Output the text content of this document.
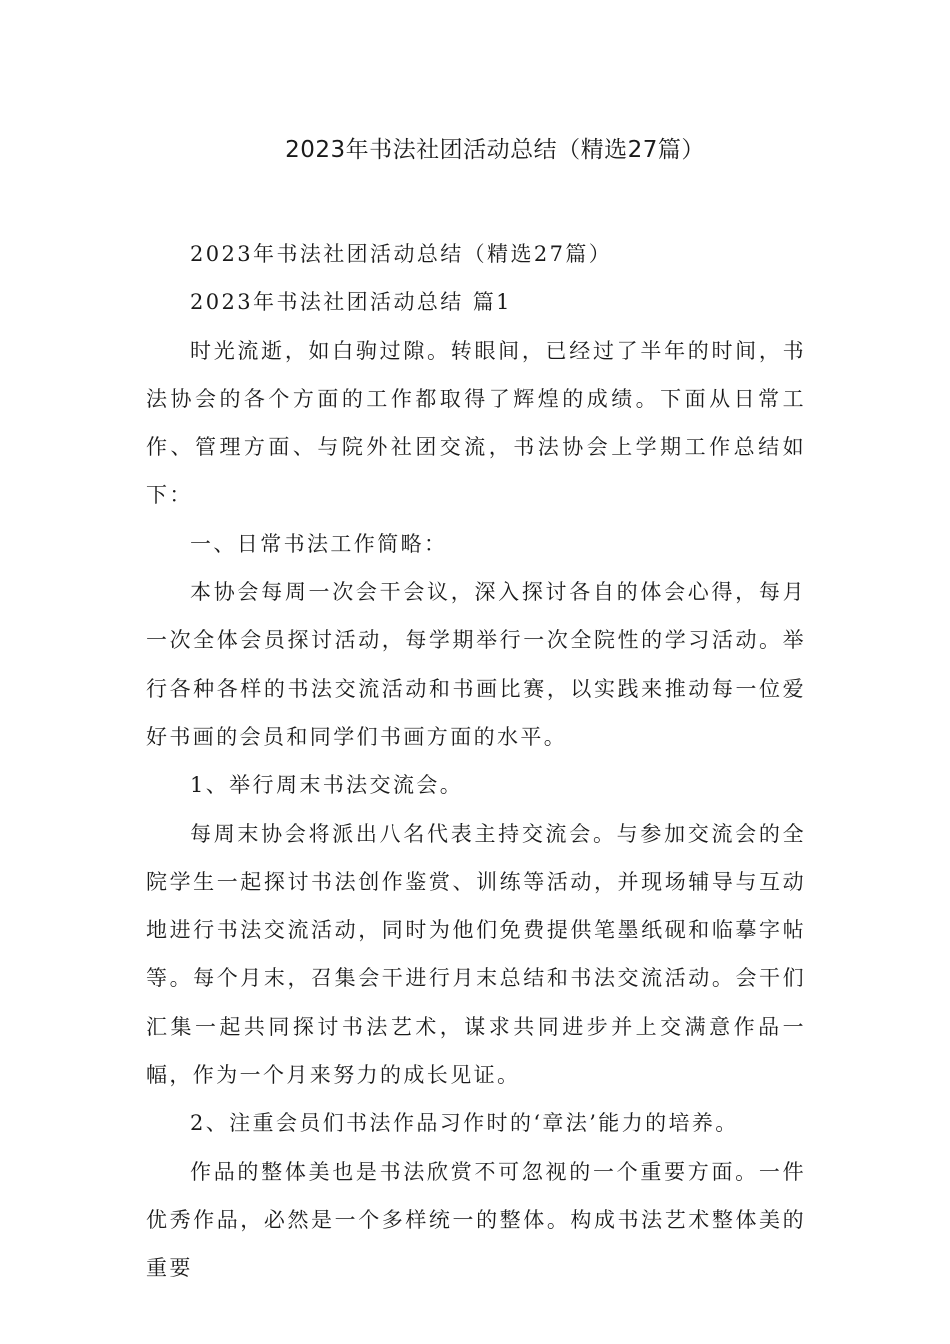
2023年书法社团活动总结（精选27篇）

2023年书法社团活动总结（精选27篇）

2023年书法社团活动总结 篇1

时光流逝，如白驹过隙。转眼间，已经过了半年的时间，书法协会的各个方面的工作都取得了辉煌的成绩。下面从日常工作、管理方面、与院外社团交流，书法协会上学期工作总结如下：

一、日常书法工作简略：

本协会每周一次会干会议，深入探讨各自的体会心得，每月一次全体会员探讨活动，每学期举行一次全院性的学习活动。举行各种各样的书法交流活动和书画比赛，以实践来推动每一位爱好书画的会员和同学们书画方面的水平。

1、举行周末书法交流会。

每周末协会将派出八名代表主持交流会。与参加交流会的全院学生一起探讨书法创作鉴赏、训练等活动，并现场辅导与互动地进行书法交流活动，同时为他们免费提供笔墨纸砚和临摹字帖等。每个月末，召集会干进行月末总结和书法交流活动。会干们汇集一起共同探讨书法艺术，谋求共同进步并上交满意作品一幅，作为一个月来努力的成长见证。

2、注重会员们书法作品习作时的‘章法’能力的培养。

作品的整体美也是书法欣赏不可忽视的一个重要方面。一件优秀作品，必然是一个多样统一的整体。构成书法艺术整体美的重要
